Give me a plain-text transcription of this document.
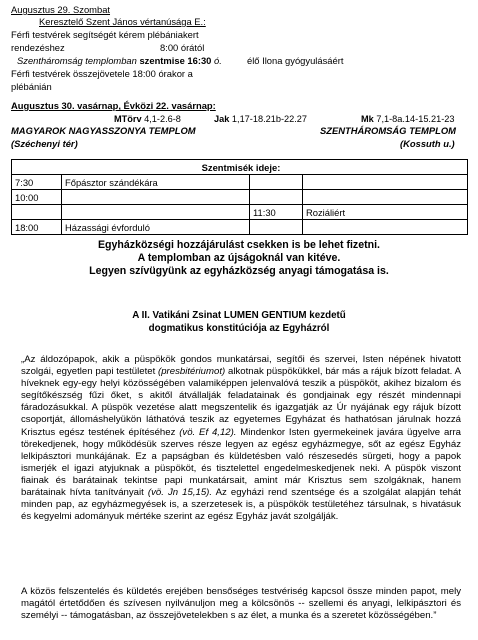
Augusztus 29. Szombat
Keresztelő Szent János vértanúsága E.:
Férfi testvérek segítségét kérem plébániakert
rendezéshez	8:00 órától
Szentháromság templomban szentmise 16:30 ó.	élő Ilona gyógyulásáért
Férfi testvérek összejövetele 18:00 órakor a
plébánián
Augusztus 30. vasárnap, Évközi 22. vasárnap:
MTörv 4,1-2.6-8	Jak 1,17-18.21b-22.27	Mk 7,1-8a.14-15.21-23
MAGYAROK NAGYASSZONYA TEMPLOM	SZENTHÁROMSÁG TEMPLOM
(Széchenyi tér)	(Kossuth u.)
Szentmisék ideje:			
7:30	Főpásztor szándékára		
10:00			
		11:30	Roziáliért
18:00	Házassági évforduló		
Egyházközségi hozzájárulást csekken is be lehet fizetni.
A templomban az újságoknál van kitéve.
Legyen szívügyünk az egyházközség anyagi támogatása is.
A II. Vatikáni Zsinat LUMEN GENTIUM kezdetű
dogmatikus konstitúciója az Egyházról
„Az áldozópapok, akik a püspökök gondos munkatársai, segítői és szervei, Isten népének hivatott szolgái, egyetlen papi testületet (presbitériumot) alkotnak püspökükkel, bár más a rájuk bízott feladat. A híveknek egy-egy helyi közösségében valamiképpen jelenvalóvá teszik a püspököt, akihez bizalom és segítőkészség fűzi őket, s akitől átvállalják feladatainak és gondjainak egy részét mindennapi fáradozásukkal. A püspök vezetése alatt megszentelik és igazgatják az Úr nyájának egy rájuk bízott csoportját, állomáshelyükön láthatóvá teszik az egyetemes Egyházat és hathatósan járulnak hozzá Krisztus egész testének építéséhez (vö. Ef 4,12). Mindenkor Isten gyermekeinek javára ügyelve arra törekedjenek, hogy működésük szerves része legyen az egész egyházmegye, sőt az egész Egyház lelkipásztori munkájának. Ez a papságban és küldetésben való részesedés sürgeti, hogy a papok ismerjék el igazi atyjuknak a püspököt, és tisztelettel engedelmeskedjenek neki. A püspök viszont fiainak és barátainak tekintse papi munkatársait, amint már Krisztus sem szolgáknak, hanem barátainak hívta tanítványait (vö. Jn 15,15). Az egyházi rend szentsége és a szolgálat alapján tehát minden pap, az egyházmegyések is, a szerzetesek is, a püspökök testületéhez társulnak, s hivatásuk és kegyelmi adományuk mértéke szerint az egész Egyház javát szolgálják.
A közös felszentelés és küldetés erejében bensőséges testvériség kapcsol össze minden papot, mely magától értetődően és szívesen nyilvánuljon meg a kölcsönös -- szellemi és anyagi, lelkipásztori és személyi -- támogatásban, az összejövetelekben s az élet, a munka és a szeretet közösségében.”
